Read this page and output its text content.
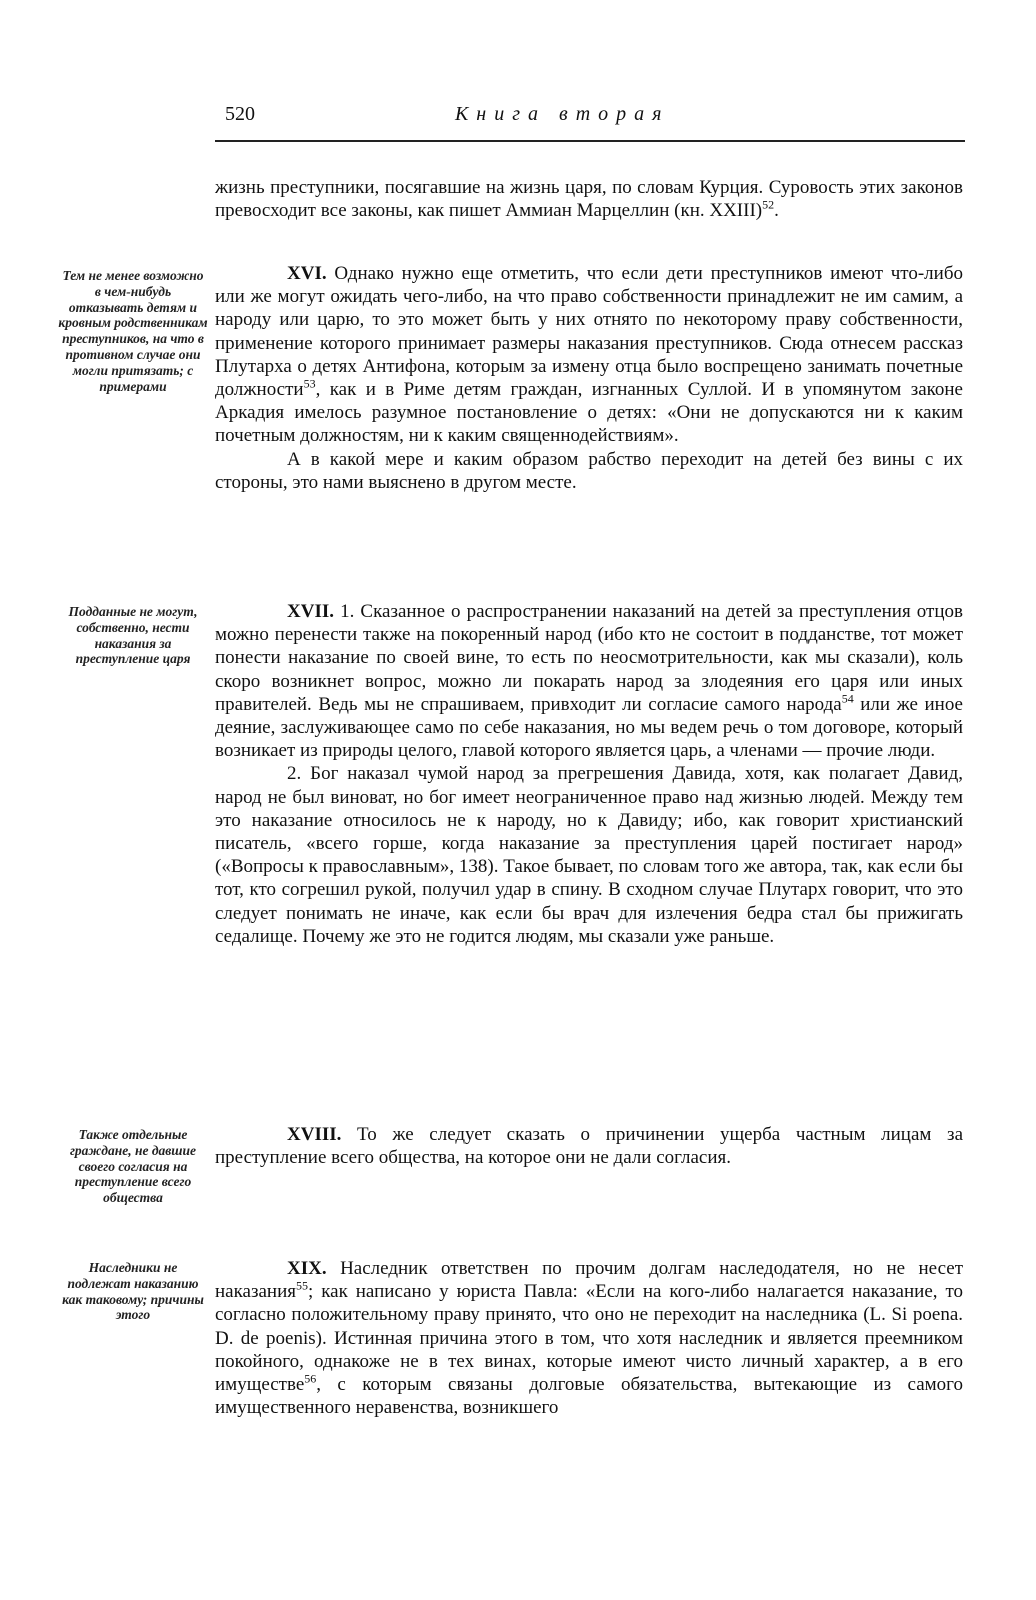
520	Книга вторая
Тем не менее возможно в чем-нибудь отказывать детям и кровным родственникам преступников, на что в противном случае они могли притязать; с примерами
Подданные не могут, собственно, нести наказания за преступление царя
Также отдельные граждане, не давшие своего согласия на преступление всего общества
Наследники не подлежат наказанию как таковому; причины этого

жизнь преступники, посягавшие на жизнь царя, по словам Курция. Суровость этих законов превосходит все законы, как пишет Аммиан Марцеллин (кн. XXIII)$^{52}$.

XVI. Однако нужно еще отметить, что если дети преступников имеют что-либо или же могут ожидать чего-либо, на что право собственности принадлежит не им самим, а народу или царю, то это может быть у них отнято по некоторому праву собственности, применение которого принимает размеры наказания преступников. Сюда отнесем рассказ Плутарха о детях Антифона, которым за измену отца было воспрещено занимать почетные должности$^{53}$, как и в Риме детям граждан, изгнанных Суллой. И в упомянутом законе Аркадия имелось разумное постановление о детях: «Они не допускаются ни к каким почетным должностям, ни к каким священнодействиям».

А в какой мере и каким образом рабство переходит на детей без вины с их стороны, это нами выяснено в другом месте.

XVII. 1. Сказанное о распространении наказаний на детей за преступления отцов можно перенести также на покоренный народ (ибо кто не состоит в подданстве, тот может понести наказание по своей вине, то есть по неосмотрительности, как мы сказали), коль скоро возникнет вопрос, можно ли покарать народ за злодеяния его царя или иных правителей. Ведь мы не спрашиваем, привходит ли согласие самого народа$^{54}$ или же иное деяние, заслуживающее само по себе наказания, но мы ведем речь о том договоре, который возникает из природы целого, главой которого является царь, а членами — прочие люди.

2. Бог наказал чумой народ за прегрешения Давида, хотя, как полагает Давид, народ не был виноват, но бог имеет неограниченное право над жизнью людей. Между тем это наказание относилось не к народу, но к Давиду; ибо, как говорит христианский писатель, «всего горше, когда наказание за преступления царей постигает народ» («Вопросы к православным», 138). Такое бывает, по словам того же автора, так, как если бы тот, кто согрешил рукой, получил удар в спину. В сходном случае Плутарх говорит, что это следует понимать не иначе, как если бы врач для излечения бедра стал бы прижигать седалище. Почему же это не годится людям, мы сказали уже раньше.

XVIII. То же следует сказать о причинении ущерба частным лицам за преступление всего общества, на которое они не дали согласия.

XIX. Наследник ответствен по прочим долгам наследодателя, но не несет наказания$^{55}$; как написано у юриста Павла: «Если на кого-либо налагается наказание, то согласно положительному праву принято, что оно не переходит на наследника (L. Si poena. D. de poenis). Истинная причина этого в том, что хотя наследник и является преемником покойного, однакоже не в тех винах, которые имеют чисто личный характер, а в его имуществе$^{56}$, с которым связаны долговые обязательства, вытекающие из самого имущественного неравенства, возникшего
